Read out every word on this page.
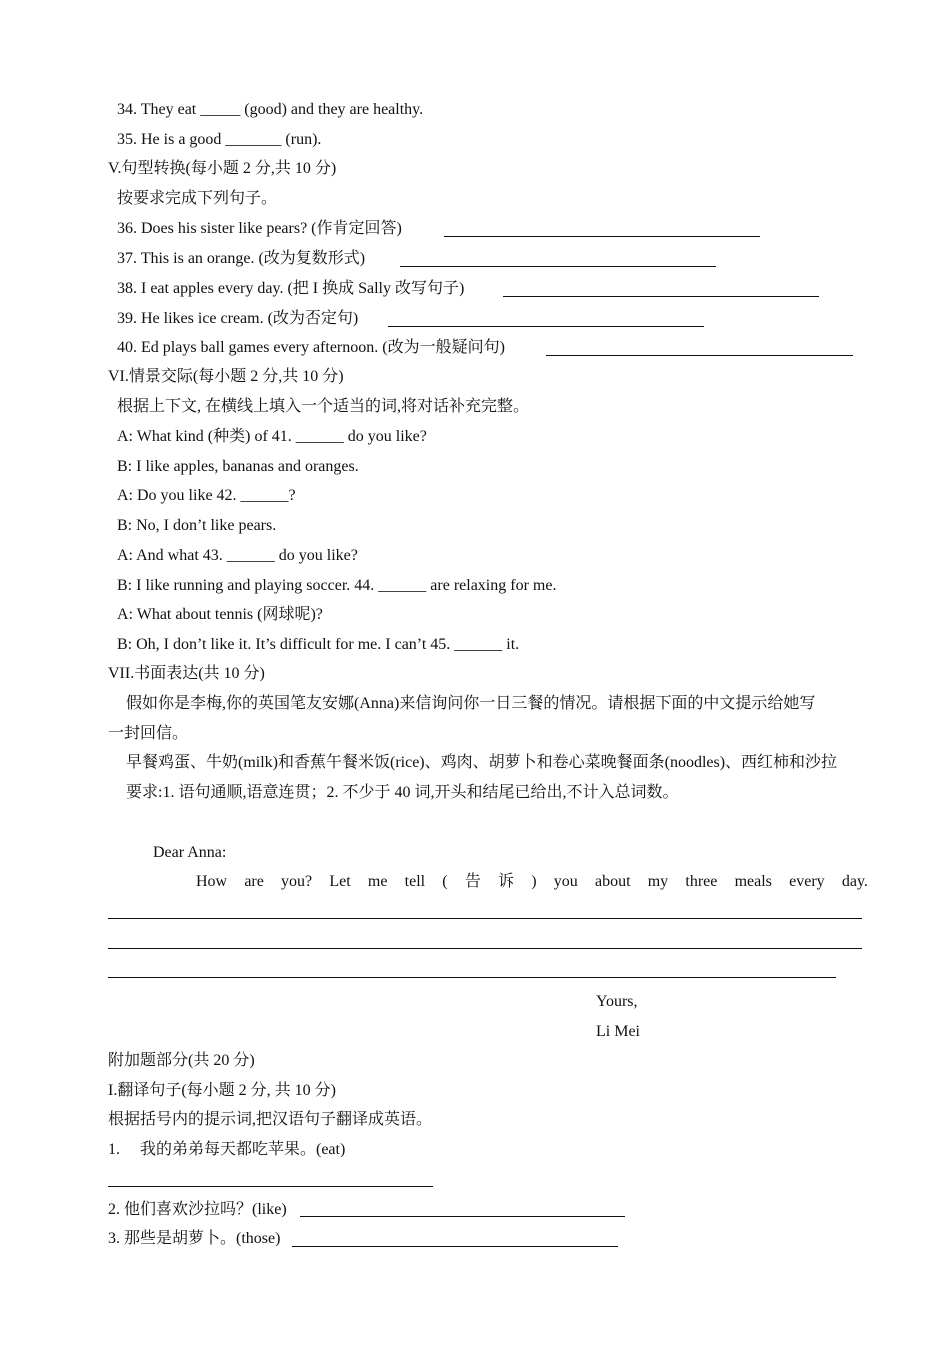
34. They eat _____ (good) and they are healthy.
35. He is a good _______ (run).
V.句型转换(每小题 2 分,共 10 分)
按要求完成下列句子。
36. Does his sister like pears? (作肯定回答)
37. This is an orange. (改为复数形式)
38. I eat apples every day. (把 I 换成 Sally 改写句子)
39. He likes ice cream. (改为否定句)
40. Ed plays ball games every afternoon. (改为一般疑问句)
VI.情景交际(每小题 2 分,共 10 分)
根据上下文, 在横线上填入一个适当的词,将对话补充完整。
A: What kind (种类) of 41. ______ do you like?
B: I like apples, bananas and oranges.
A: Do you like 42. ______?
B: No, I don’t like pears.
A: And what 43. ______ do you like?
B: I like running and playing soccer. 44. ______ are relaxing for me.
A: What about tennis (网球呢)?
B: Oh, I don’t like it. It’s difficult for me. I can’t 45. ______ it.
VII.书面表达(共 10 分)
假如你是李梅,你的英国笔友安娜(Anna)来信询问你一日三餐的情况。请根据下面的中文提示给她写
一封回信。
早餐鸡蛋、牛奶(milk)和香蕉午餐米饭(rice)、鸡肉、胡萝卜和卷心菜晚餐面条(noodles)、西红柿和沙拉
要求:1. 语句通顺,语意连贯；2. 不少于 40 词,开头和结尾已给出,不计入总词数。
Dear Anna:
How are you? Let me tell ( 告 诉 ) you about my three meals every day.
Yours,
Li Mei
附加题部分(共 20 分)
I.翻译句子(每小题 2 分, 共 10 分)
根据括号内的提示词,把汉语句子翻译成英语。
1.     我的弟弟每天都吃苹果。(eat)
2. 他们喜欢沙拉吗？(like)
3. 那些是胡萝卜。(those)
